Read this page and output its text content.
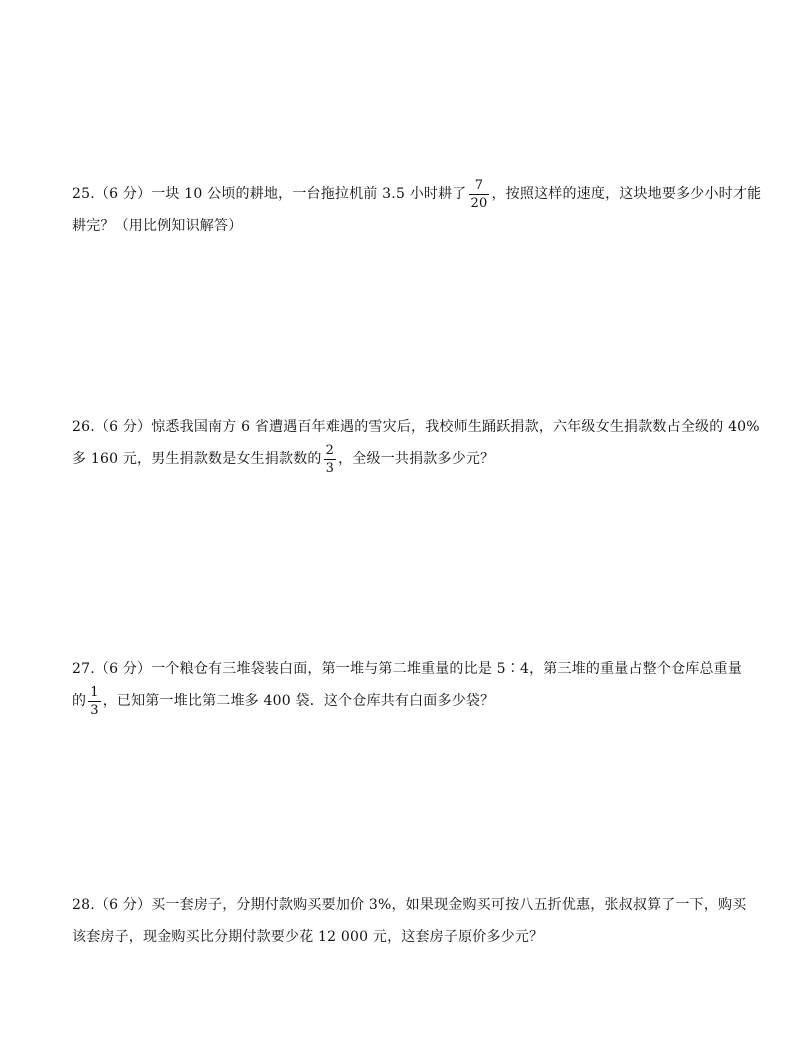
25.（6 分）一块 10 公顷的耕地，一台拖拉机前 3.5 小时耕了 $\frac{7}{20}$ ，按照这样的速度，这块地要多少小时才能
耕完？（用比例知识解答）
26.（6 分）惊悉我国南方 6 省遭遇百年难遇的雪灾后，我校师生踊跃捐款，六年级女生捐款数占全级的 40%
多 160 元，男生捐款数是女生捐款数的 $\frac{2}{3}$ ，全级一共捐款多少元？
27.（6 分）一个粮仓有三堆袋装白面，第一堆与第二堆重量的比是 5∶4，第三堆的重量占整个仓库总重量
的 $\frac{1}{3}$ ，已知第一堆比第二堆多 400 袋．这个仓库共有白面多少袋？
28.（6 分）买一套房子，分期付款购买要加价 3%，如果现金购买可按八五折优惠，张叔叔算了一下，购买
该套房子，现金购买比分期付款要少花 12 000 元，这套房子原价多少元？
